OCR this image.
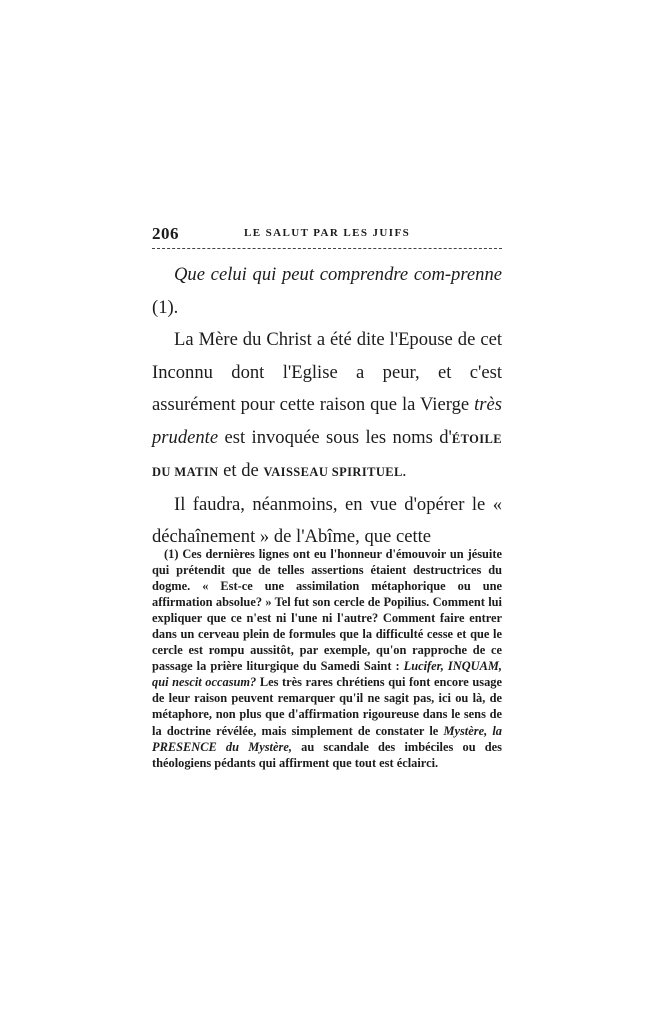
206	LE SALUT PAR LES JUIFS

Que celui qui peut comprendre com-prenne (1).

La Mère du Christ a été dite l'Epouse de cet Inconnu dont l'Eglise a peur, et c'est assurément pour cette raison que la Vierge très prudente est invoquée sous les noms d'ÉTOILE DU MATIN et de VAISSEAU SPIRITUEL.

Il faudra, néanmoins, en vue d'opérer le « déchaînement » de l'Abîme, que cette

(1) Ces dernières lignes ont eu l'honneur d'émouvoir un jésuite qui prétendit que de telles assertions étaient destructrices du dogme. « Est-ce une assimilation métaphorique ou une affirmation absolue? » Tel fut son cercle de Popilius. Comment lui expliquer que ce n'est ni l'une ni l'autre? Comment faire entrer dans un cerveau plein de formules que la difficulté cesse et que le cercle est rompu aussitôt, par exemple, qu'on rapproche de ce passage la prière liturgique du Samedi Saint : Lucifer, INQUAM, qui nescit occasum? Les très rares chrétiens qui font encore usage de leur raison peuvent remarquer qu'il ne sagit pas, ici ou là, de métaphore, non plus que d'affirmation rigoureuse dans le sens de la doctrine révélée, mais simplement de constater le Mystère, la PRESENCE du Mystère, au scandale des imbéciles ou des théologiens pédants qui affirment que tout est éclairci.
